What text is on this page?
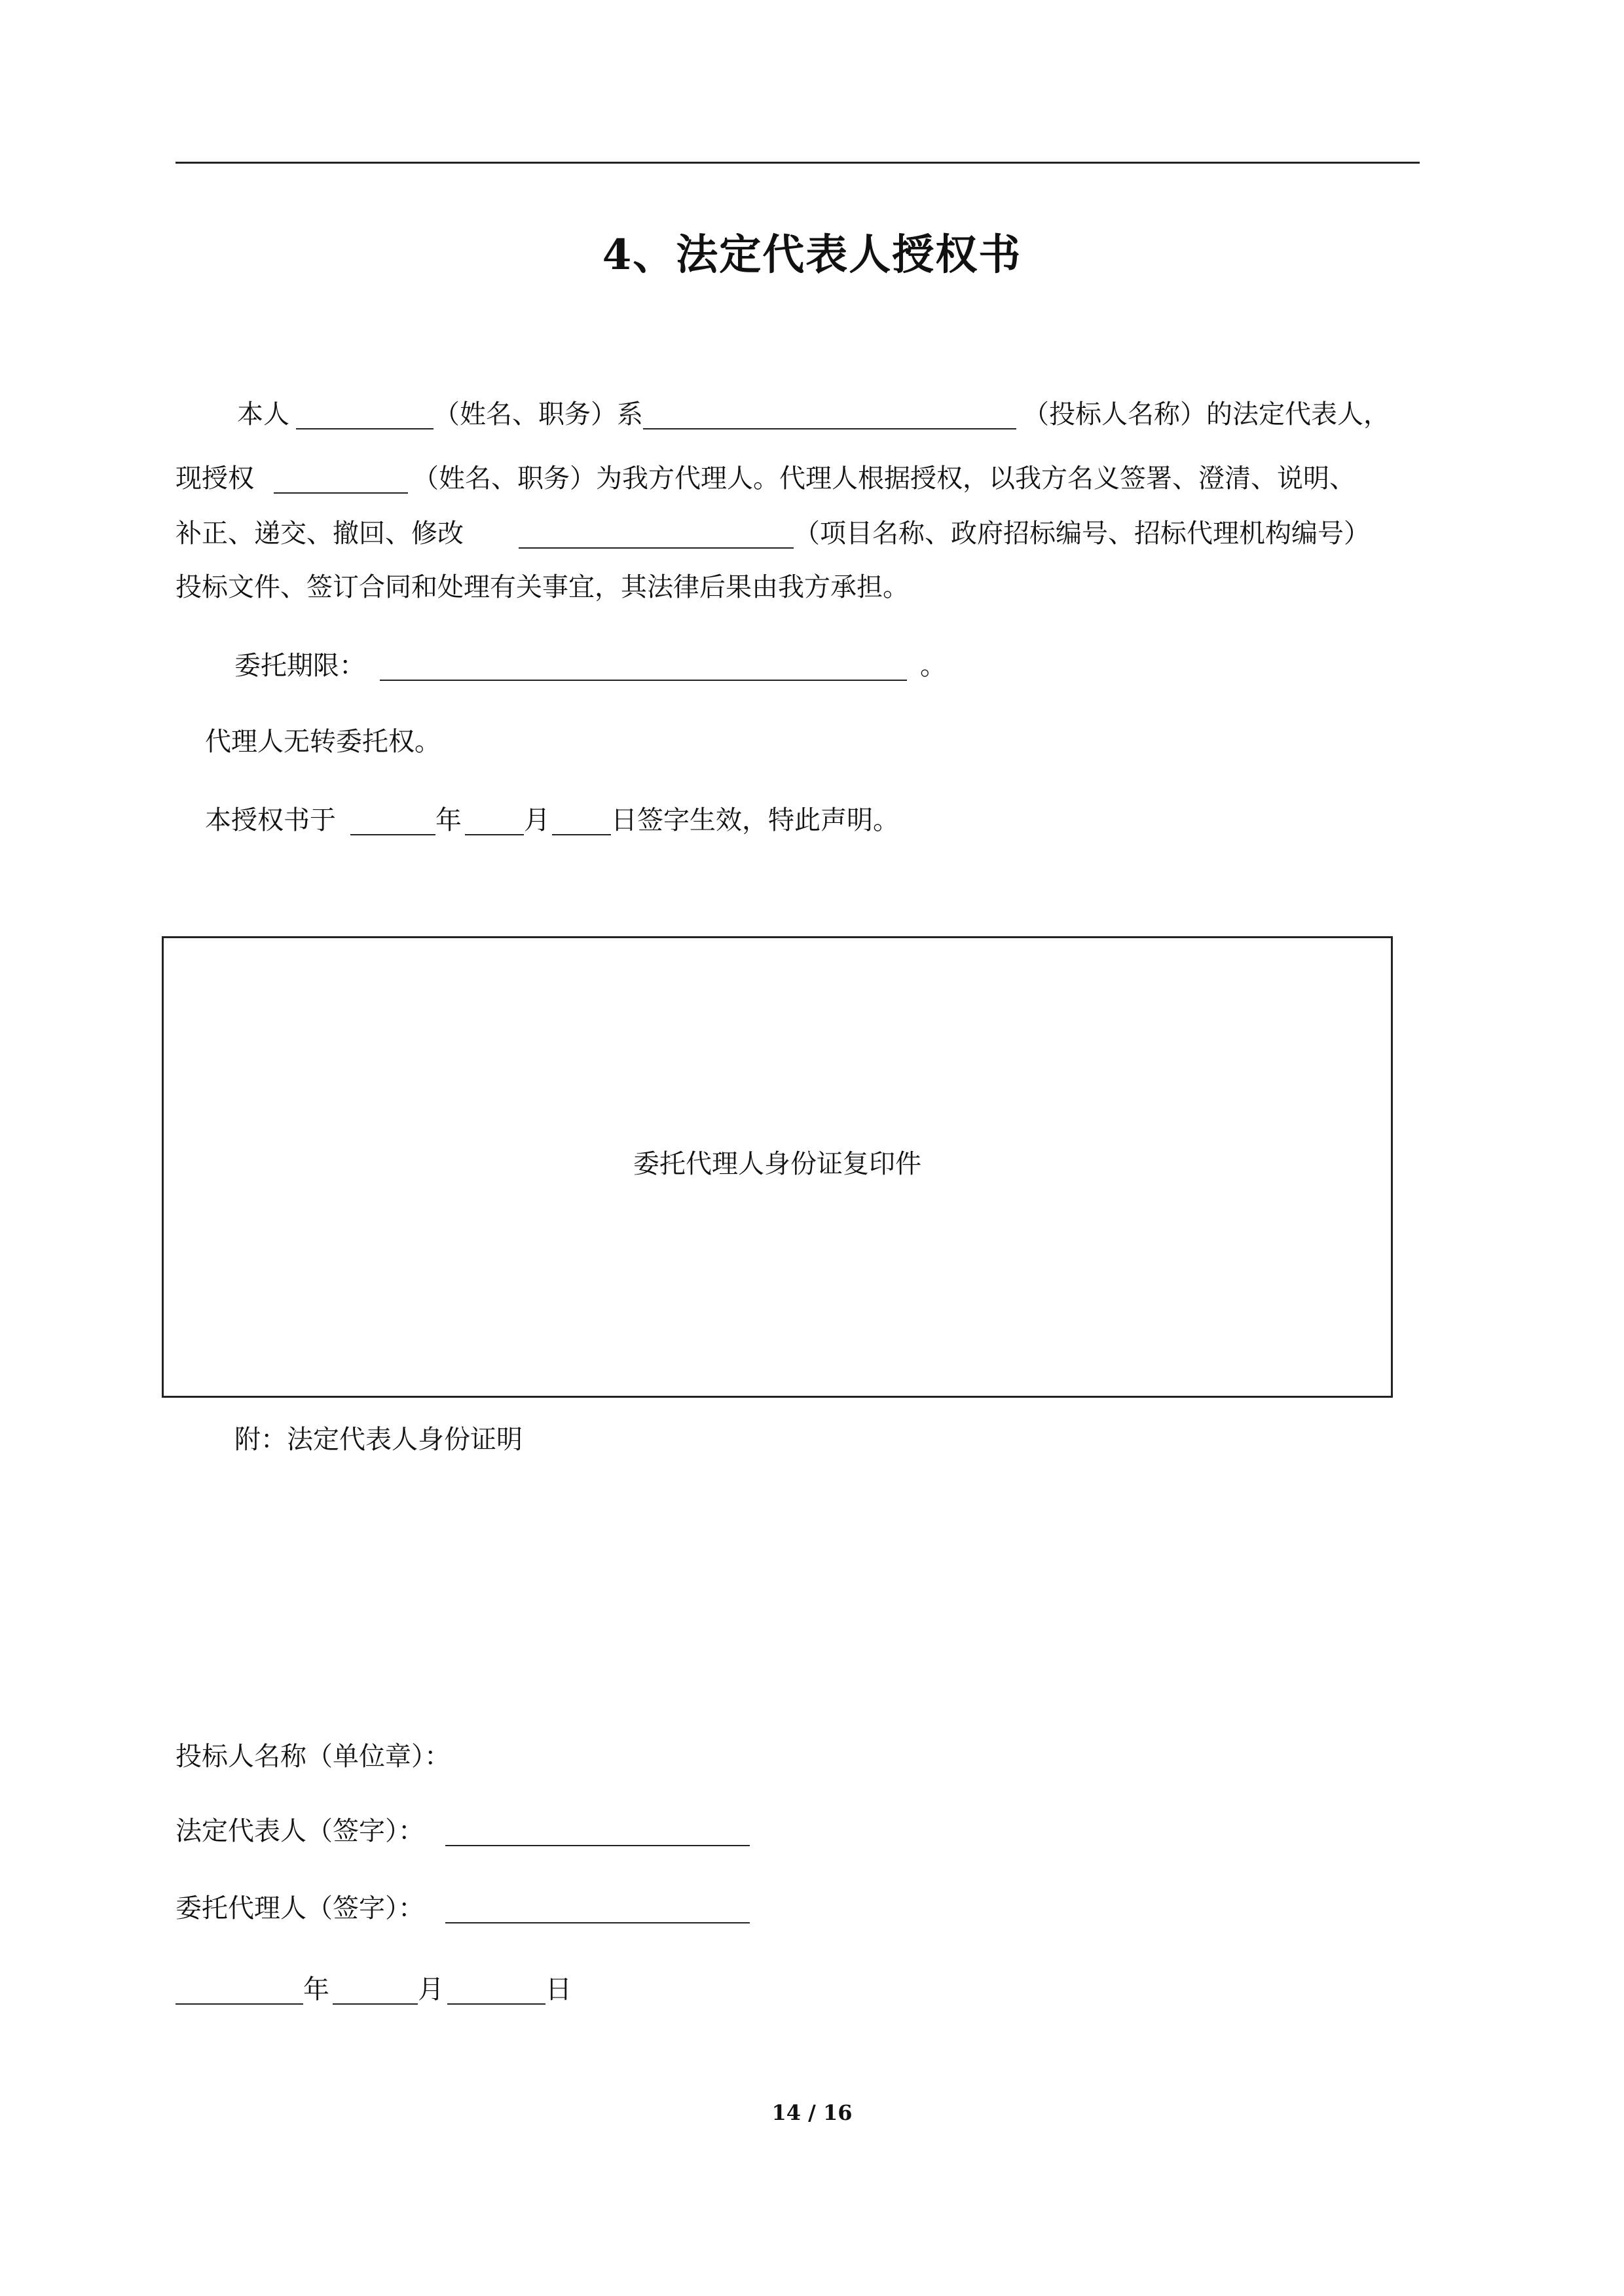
4、法定代表人授权书
本人	（姓名、职务）系	（投标人名称）的法定代表人，
现授权	（姓名、职务）为我方代理人。代理人根据授权，以我方名义签署、澄清、说明、
补正、递交、撤回、修改	（项目名称、政府招标编号、招标代理机构编号）
投标文件、签订合同和处理有关事宜，其法律后果由我方承担。
委托期限：	。
代理人无转委托权。
本授权书于	年 月 日签字生效，特此声明。
委托代理人身份证复印件
附：法定代表人身份证明
投标人名称（单位章）：
法定代表人（签字）：
委托代理人（签字）：
年	月	日
14 / 16
